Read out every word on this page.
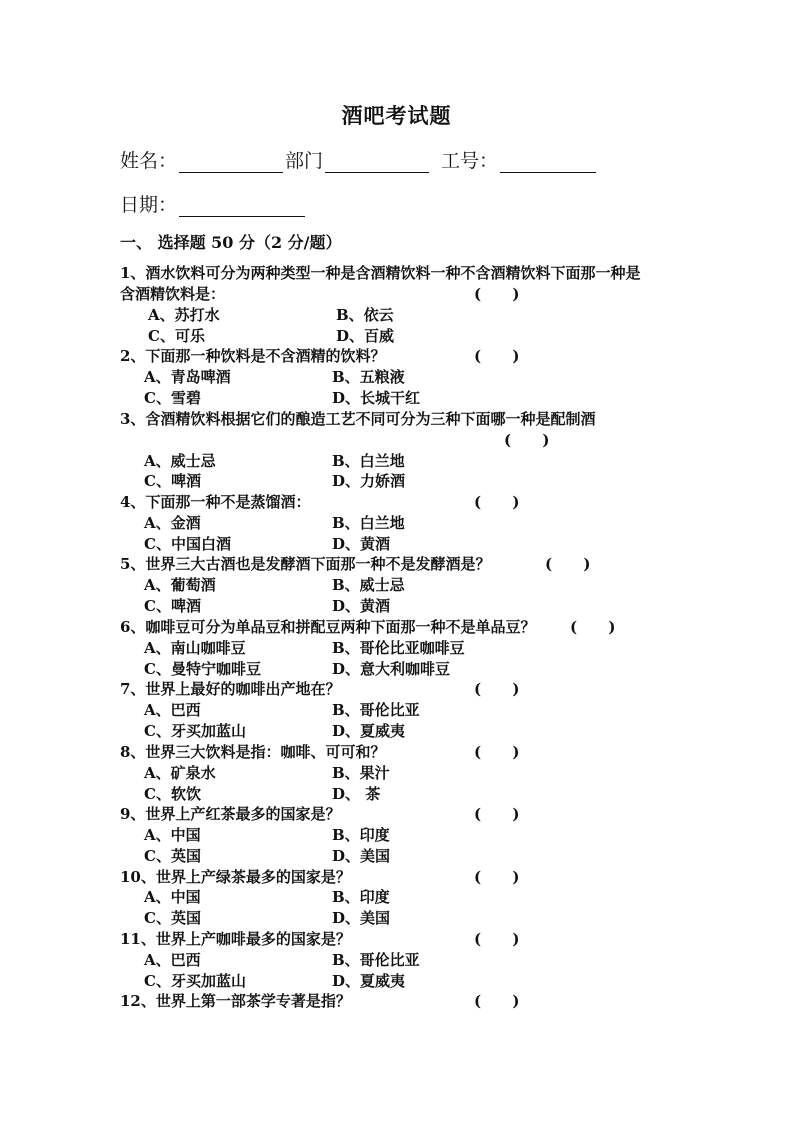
酒吧考试题
姓名：	部门	工号：
日期：
一、 选择题 50 分（2 分/题）
1、酒水饮料可分为两种类型一种是含酒精饮料一种不含酒精饮料下面那一种是
含酒精饮料是：	(      )
A、苏打水	B、依云
C、可乐	D、百威
2、下面那一种饮料是不含酒精的饮料？	(      )
A、青岛啤酒	B、五粮液
C、雪碧	D、长城干红
3、含酒精饮料根据它们的酿造工艺不同可分为三种下面哪一种是配制酒
(      )
A、威士忌	B、白兰地
C、啤酒	D、力娇酒
4、下面那一种不是蒸馏酒：	(      )
A、金酒	B、白兰地
C、中国白酒	D、黄酒
5、世界三大古酒也是发酵酒下面那一种不是发酵酒是？	(      )
A、葡萄酒	B、威士忌
C、啤酒	D、黄酒
6、咖啡豆可分为单品豆和拼配豆两种下面那一种不是单品豆？ (      )
A、南山咖啡豆	B、哥伦比亚咖啡豆
C、曼特宁咖啡豆	D、意大利咖啡豆
7、世界上最好的咖啡出产地在？	(      )
A、巴西	B、哥伦比亚
C、牙买加蓝山	D、夏威夷
8、世界三大饮料是指：咖啡、可可和？	(      )
A、矿泉水	B、果汁
C、软饮	D、 茶
9、世界上产红茶最多的国家是？	(      )
A、中国	B、印度
C、英国	D、美国
10、世界上产绿茶最多的国家是？	(      )
A、中国	B、印度
C、英国	D、美国
11、世界上产咖啡最多的国家是？	(      )
A、巴西	B、哥伦比亚
C、牙买加蓝山	D、夏威夷
12、世界上第一部茶学专著是指？	(      )
